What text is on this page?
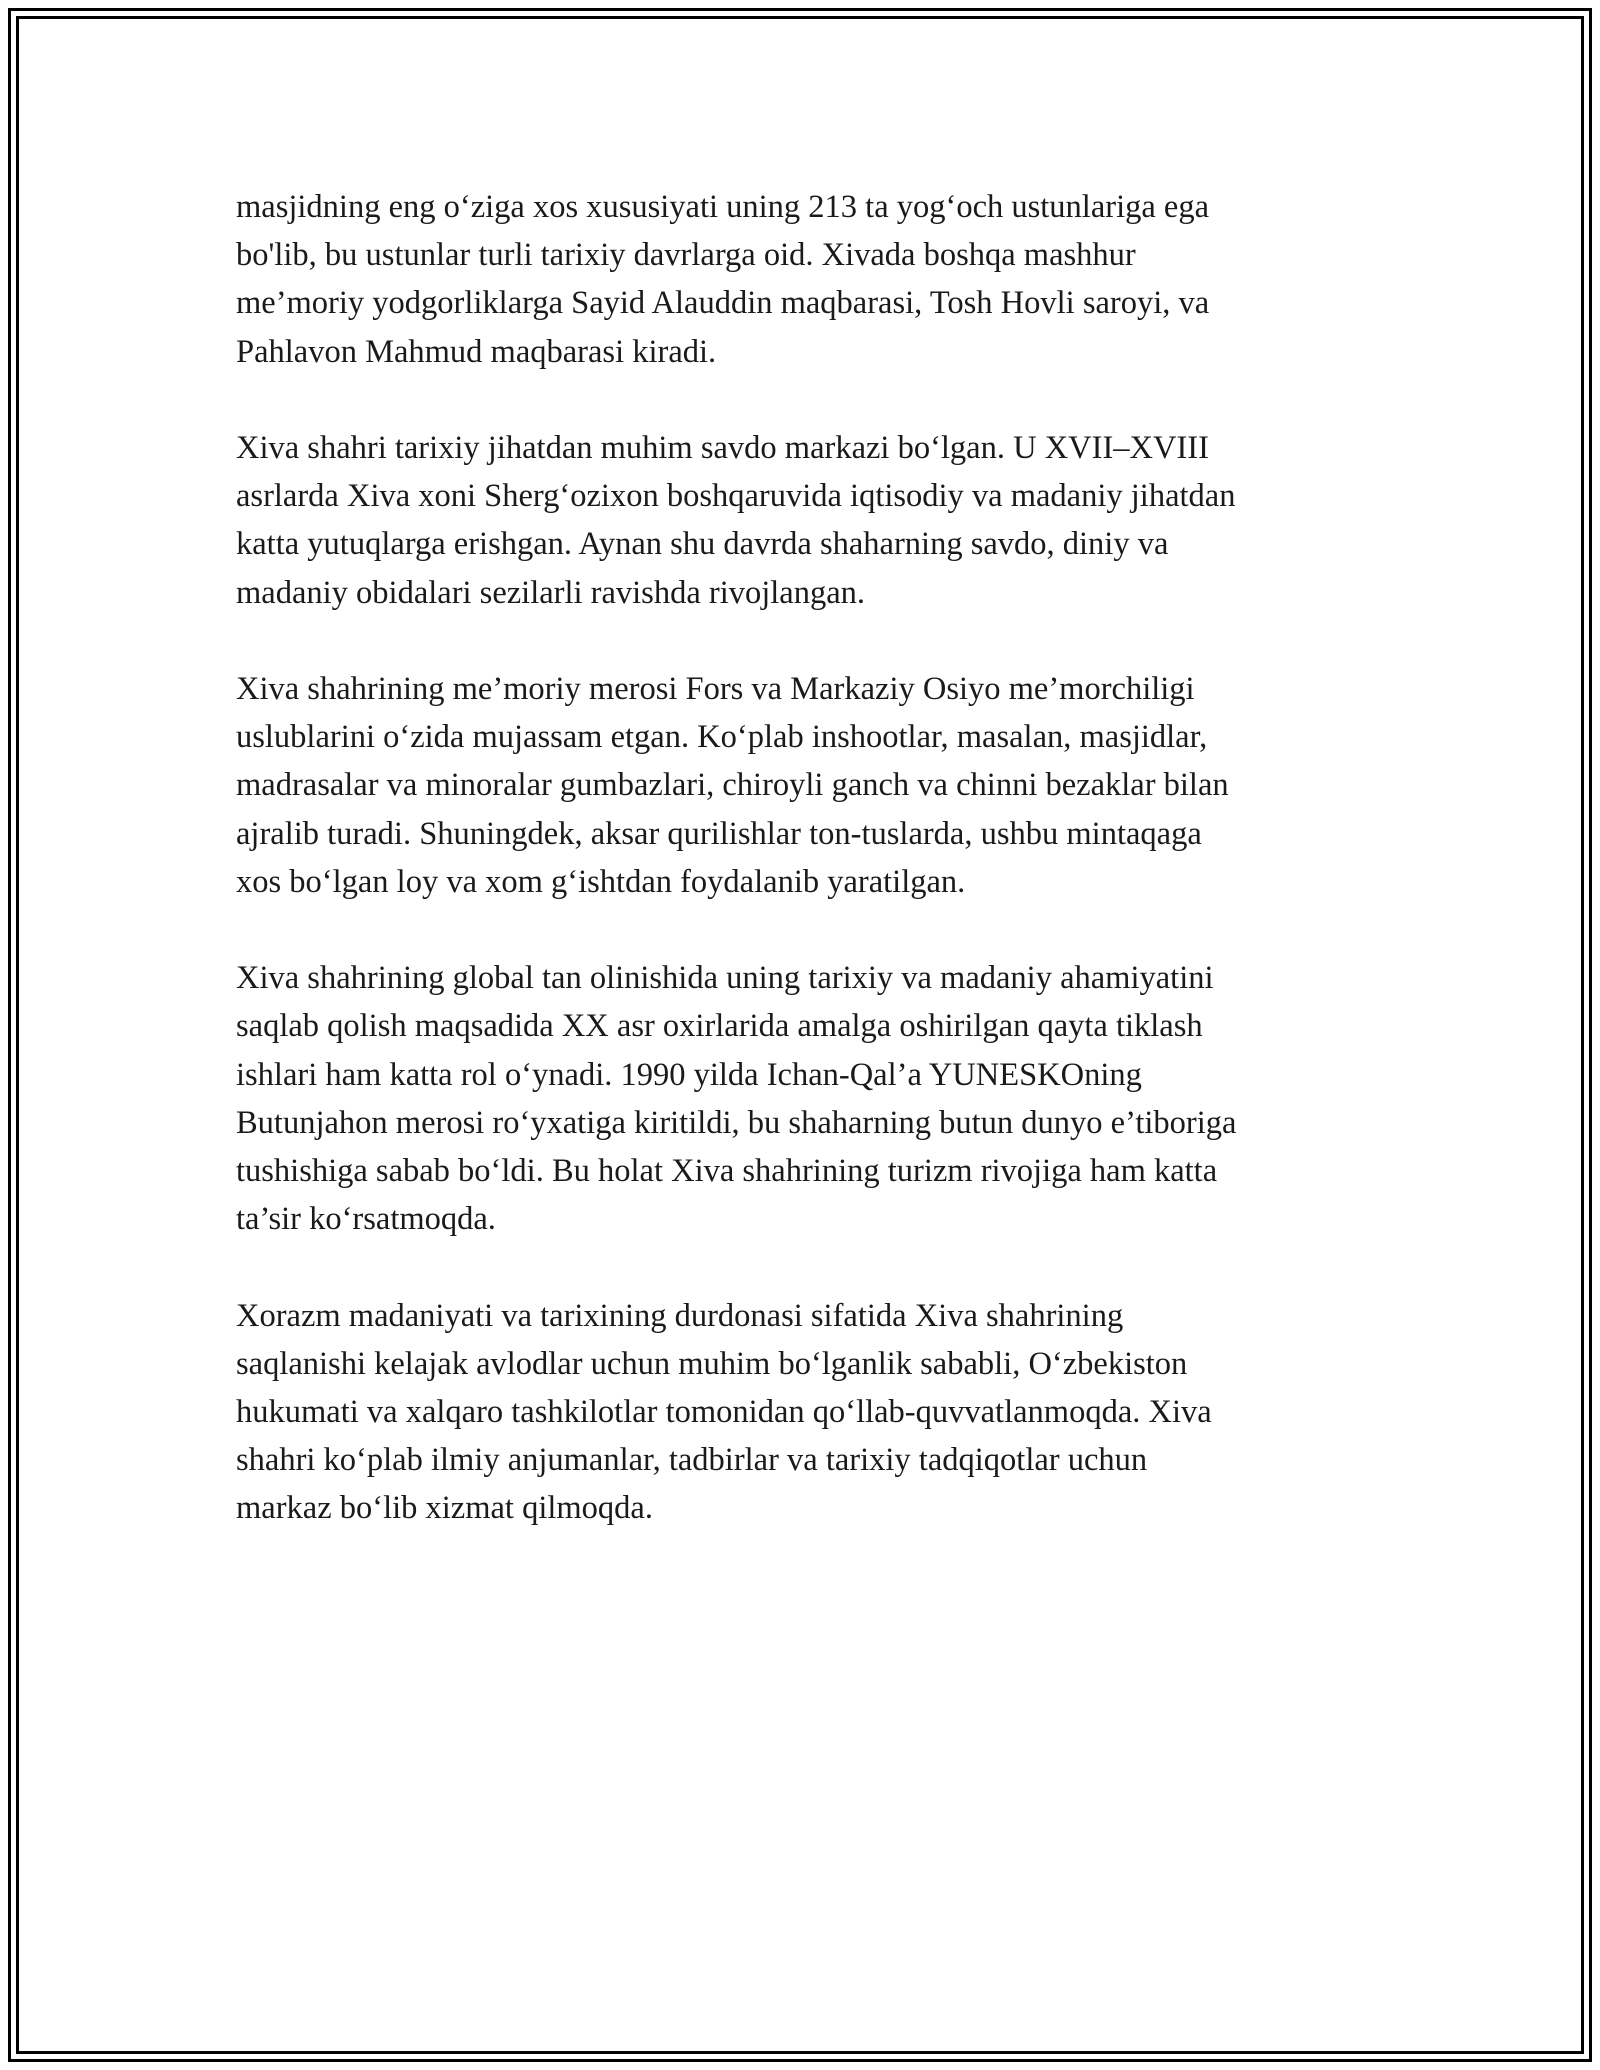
masjidning eng o‘ziga xos xususiyati uning 213 ta yog‘och ustunlariga ega
bo'lib, bu ustunlar turli tarixiy davrlarga oid. Xivada boshqa mashhur
me’moriy yodgorliklarga Sayid Alauddin maqbarasi, Tosh Hovli saroyi, va
Pahlavon Mahmud maqbarasi kiradi.

Xiva shahri tarixiy jihatdan muhim savdo markazi bo‘lgan. U XVII–XVIII
asrlarda Xiva xoni Sherg‘ozixon boshqaruvida iqtisodiy va madaniy jihatdan
katta yutuqlarga erishgan. Aynan shu davrda shaharning savdo, diniy va
madaniy obidalari sezilarli ravishda rivojlangan.

Xiva shahrining me’moriy merosi Fors va Markaziy Osiyo me’morchiligi
uslublarini o‘zida mujassam etgan. Ko‘plab inshootlar, masalan, masjidlar,
madrasalar va minoralar gumbazlari, chiroyli ganch va chinni bezaklar bilan
ajralib turadi. Shuningdek, aksar qurilishlar ton-tuslarda, ushbu mintaqaga
xos bo‘lgan loy va xom g‘ishtdan foydalanib yaratilgan.

Xiva shahrining global tan olinishida uning tarixiy va madaniy ahamiyatini
saqlab qolish maqsadida XX asr oxirlarida amalga oshirilgan qayta tiklash
ishlari ham katta rol o‘ynadi. 1990 yilda Ichan-Qal’a YUNESKOning
Butunjahon merosi ro‘yxatiga kiritildi, bu shaharning butun dunyo e’tiboriga
tushishiga sabab bo‘ldi. Bu holat Xiva shahrining turizm rivojiga ham katta
ta’sir ko‘rsatmoqda.

Xorazm madaniyati va tarixining durdonasi sifatida Xiva shahrining
saqlanishi kelajak avlodlar uchun muhim bo‘lganlik sababli, O‘zbekiston
hukumati va xalqaro tashkilotlar tomonidan qo‘llab-quvvatlanmoqda. Xiva
shahri ko‘plab ilmiy anjumanlar, tadbirlar va tarixiy tadqiqotlar uchun
markaz bo‘lib xizmat qilmoqda.
